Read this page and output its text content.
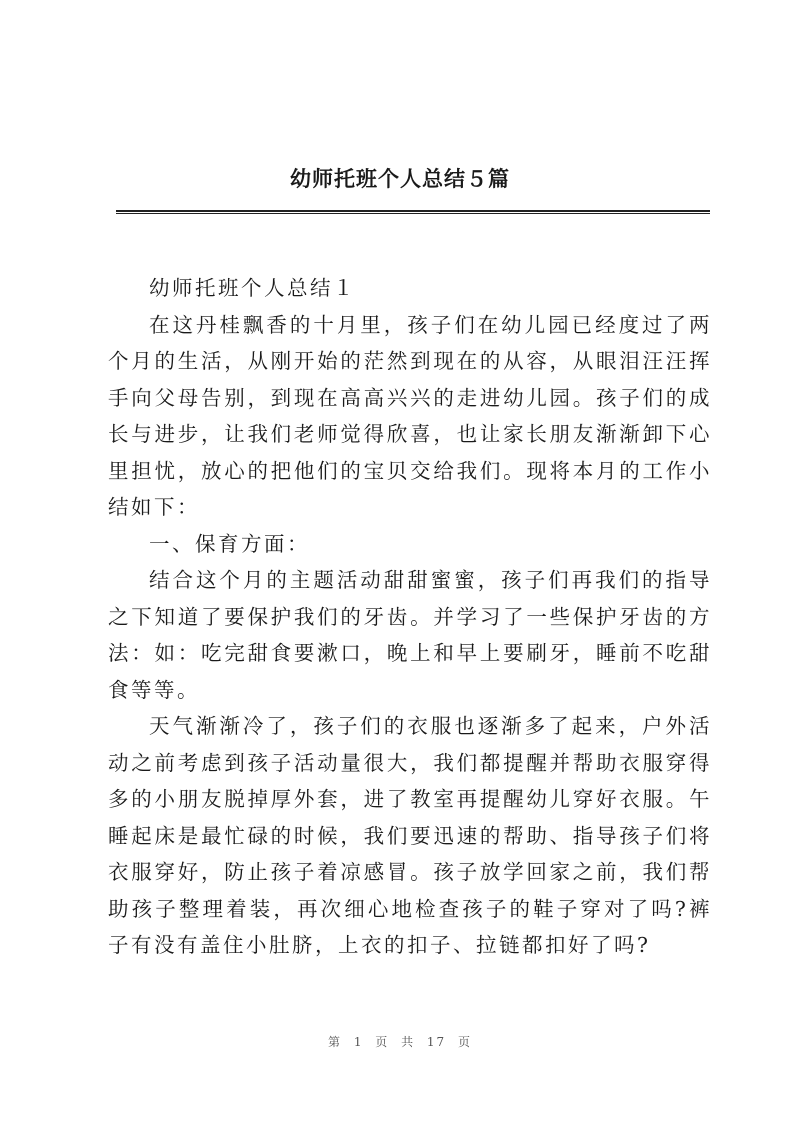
幼师托班个人总结５篇

幼师托班个人总结１

在这丹桂飘香的十月里，孩子们在幼儿园已经度过了两个月的生活，从刚开始的茫然到现在的从容，从眼泪汪汪挥手向父母告别，到现在高高兴兴的走进幼儿园。孩子们的成长与进步，让我们老师觉得欣喜，也让家长朋友渐渐卸下心里担忧，放心的把他们的宝贝交给我们。现将本月的工作小结如下：

一、保育方面：

结合这个月的主题活动甜甜蜜蜜，孩子们再我们的指导之下知道了要保护我们的牙齿。并学习了一些保护牙齿的方法：如：吃完甜食要漱口，晚上和早上要刷牙，睡前不吃甜食等等。

天气渐渐冷了，孩子们的衣服也逐渐多了起来，户外活动之前考虑到孩子活动量很大，我们都提醒并帮助衣服穿得多的小朋友脱掉厚外套，进了教室再提醒幼儿穿好衣服。午睡起床是最忙碌的时候，我们要迅速的帮助、指导孩子们将衣服穿好，防止孩子着凉感冒。孩子放学回家之前，我们帮助孩子整理着装，再次细心地检查孩子的鞋子穿对了吗?裤子有没有盖住小肚脐，上衣的扣子、拉链都扣好了吗?

第 1 页 共 17 页
